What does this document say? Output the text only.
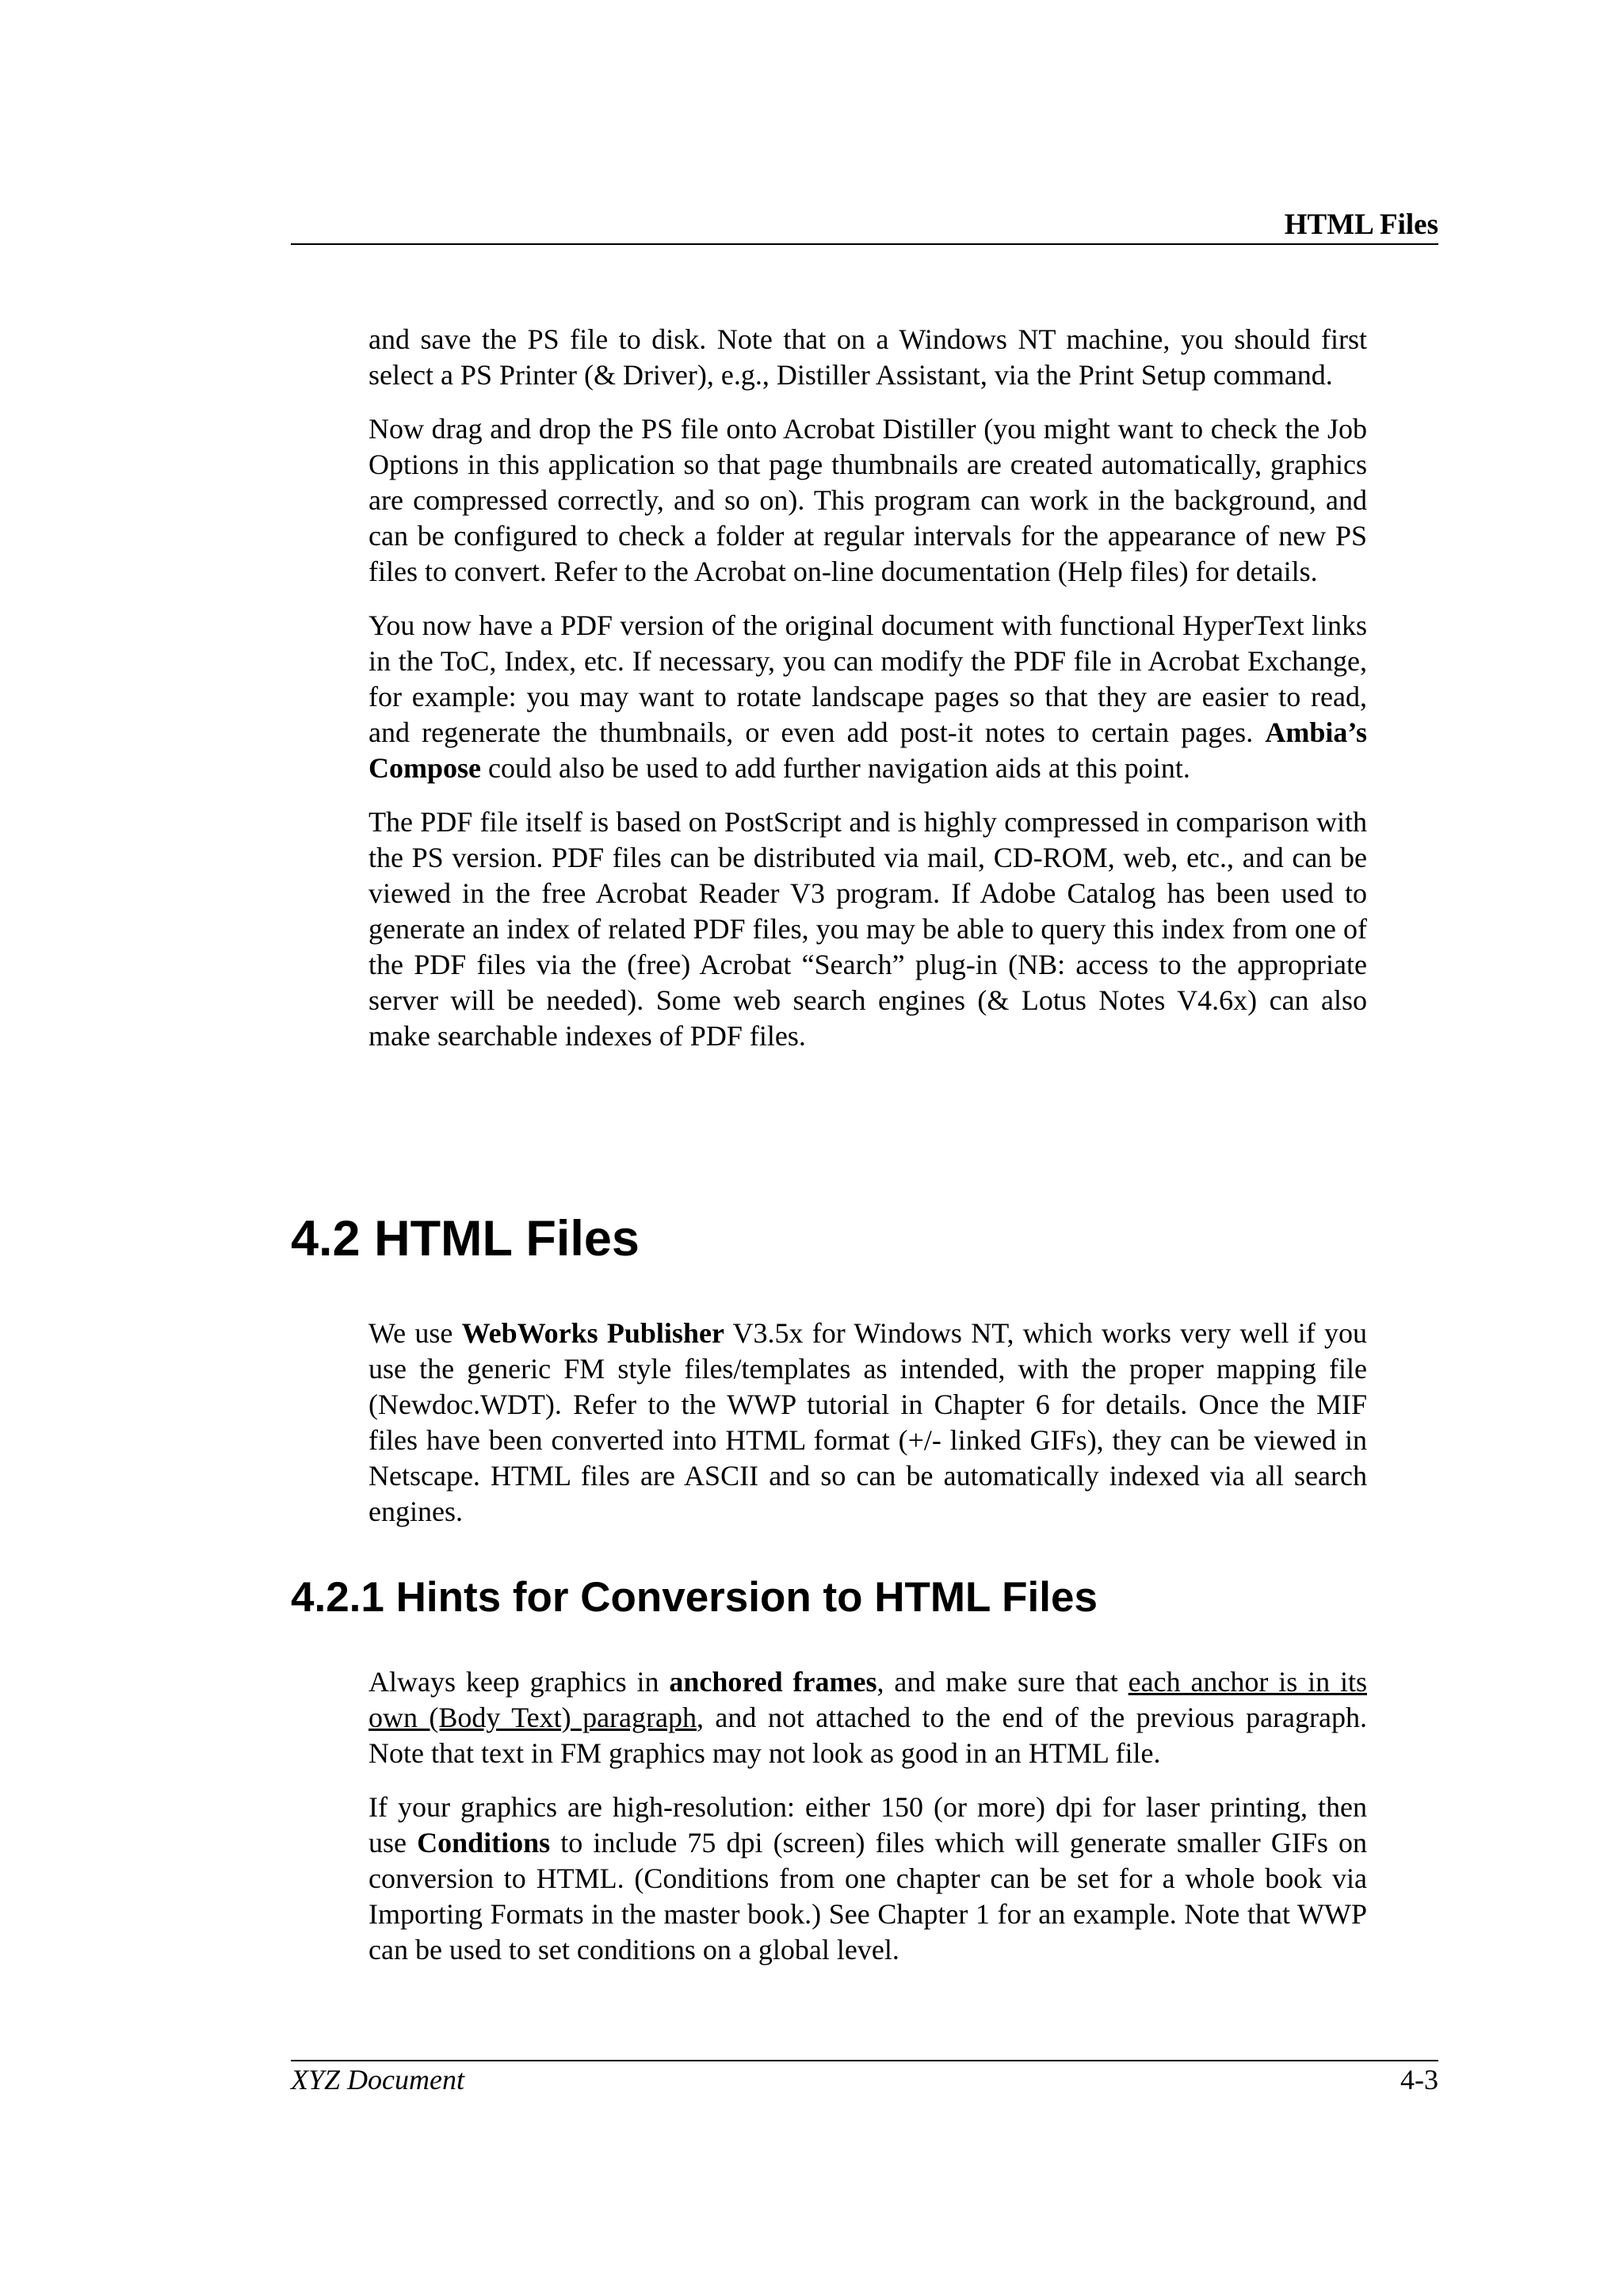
HTML Files

and save the PS file to disk. Note that on a Windows NT machine, you should first select a PS Printer (& Driver), e.g., Distiller Assistant, via the Print Setup command.

Now drag and drop the PS file onto Acrobat Distiller (you might want to check the Job Options in this application so that page thumbnails are created automatically, graphics are compressed correctly, and so on). This program can work in the background, and can be configured to check a folder at regular intervals for the appearance of new PS files to convert. Refer to the Acrobat on-line documentation (Help files) for details.

You now have a PDF version of the original document with functional HyperText links in the ToC, Index, etc. If necessary, you can modify the PDF file in Acrobat Exchange, for example: you may want to rotate landscape pages so that they are easier to read, and regenerate the thumbnails, or even add post-it notes to certain pages. Ambia’s Compose could also be used to add further navigation aids at this point.

The PDF file itself is based on PostScript and is highly compressed in comparison with the PS version. PDF files can be distributed via mail, CD-ROM, web, etc., and can be viewed in the free Acrobat Reader V3 program. If Adobe Catalog has been used to generate an index of related PDF files, you may be able to query this index from one of the PDF files via the (free) Acrobat “Search” plug-in (NB: access to the appropriate server will be needed). Some web search engines (& Lotus Notes V4.6x) can also make searchable indexes of PDF files.

4.2 HTML Files

We use WebWorks Publisher V3.5x for Windows NT, which works very well if you use the generic FM style files/templates as intended, with the proper mapping file (Newdoc.WDT). Refer to the WWP tutorial in Chapter 6 for details. Once the MIF files have been converted into HTML format (+/- linked GIFs), they can be viewed in Netscape. HTML files are ASCII and so can be automatically indexed via all search engines.

4.2.1 Hints for Conversion to HTML Files

Always keep graphics in anchored frames, and make sure that each anchor is in its own (Body Text) paragraph, and not attached to the end of the previous paragraph. Note that text in FM graphics may not look as good in an HTML file.

If your graphics are high-resolution: either 150 (or more) dpi for laser printing, then use Conditions to include 75 dpi (screen) files which will generate smaller GIFs on conversion to HTML. (Conditions from one chapter can be set for a whole book via Importing Formats in the master book.) See Chapter 1 for an example. Note that WWP can be used to set conditions on a global level.

XYZ Document	4-3
